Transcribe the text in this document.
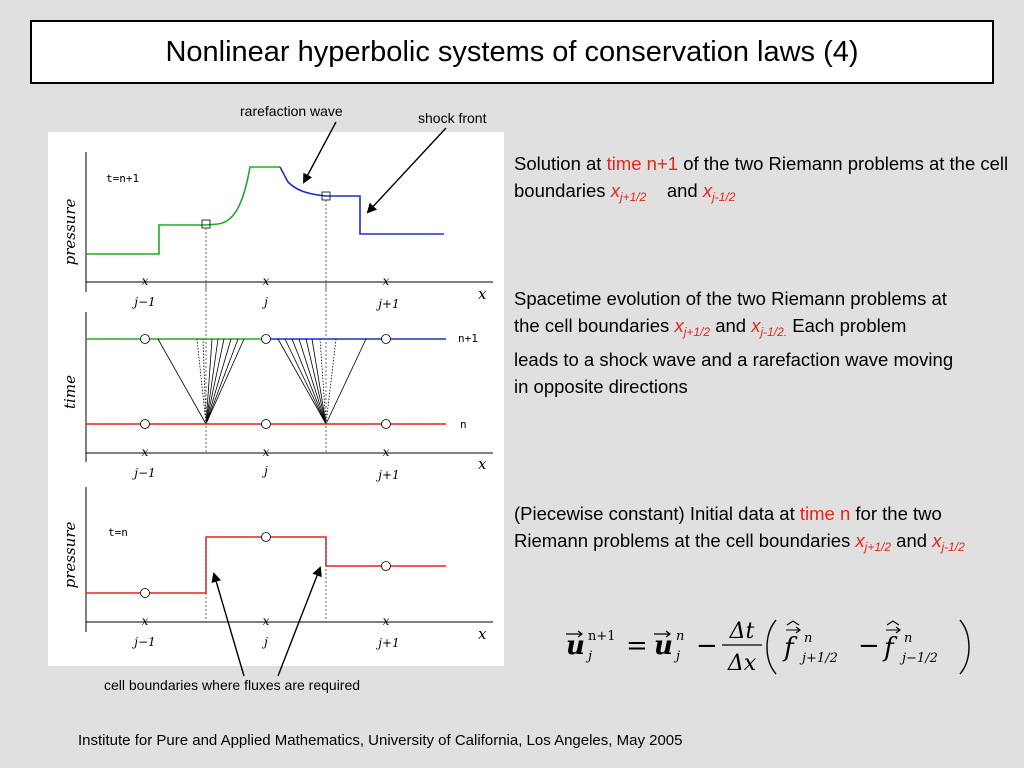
Nonlinear hyperbolic systems of conservation laws (4)
rarefaction wave	shock front
pressure
t=n+1
x	x	x
j−1	j	j+1
x
time
n+1
n
x	x	x
j−1	j	j+1
x
pressure	t=n
x	x	x
j−1	j	j+1	x
cell boundaries where fluxes are required
Solution at time n+1 of the two Riemann problems at the cell boundaries $x_{j+1/2}$ and $x_{j-1/2}$
Spacetime evolution of the two Riemann problems at the cell boundaries $x_{j+1/2}$ and $x_{j-1/2.}$ Each problem leads to a shock wave and a rarefaction wave moving in opposite directions
(Piecewise constant) Initial data at time n for the two Riemann problems at the cell boundaries $x_{j+1/2}$ and $x_{j-1/2}$
u n+1
j = u n
j − Δt
Δx
f n
j+1/2 − f n
j−1/2
Institute for Pure and Applied Mathematics, University of California, Los Angeles, May 2005
